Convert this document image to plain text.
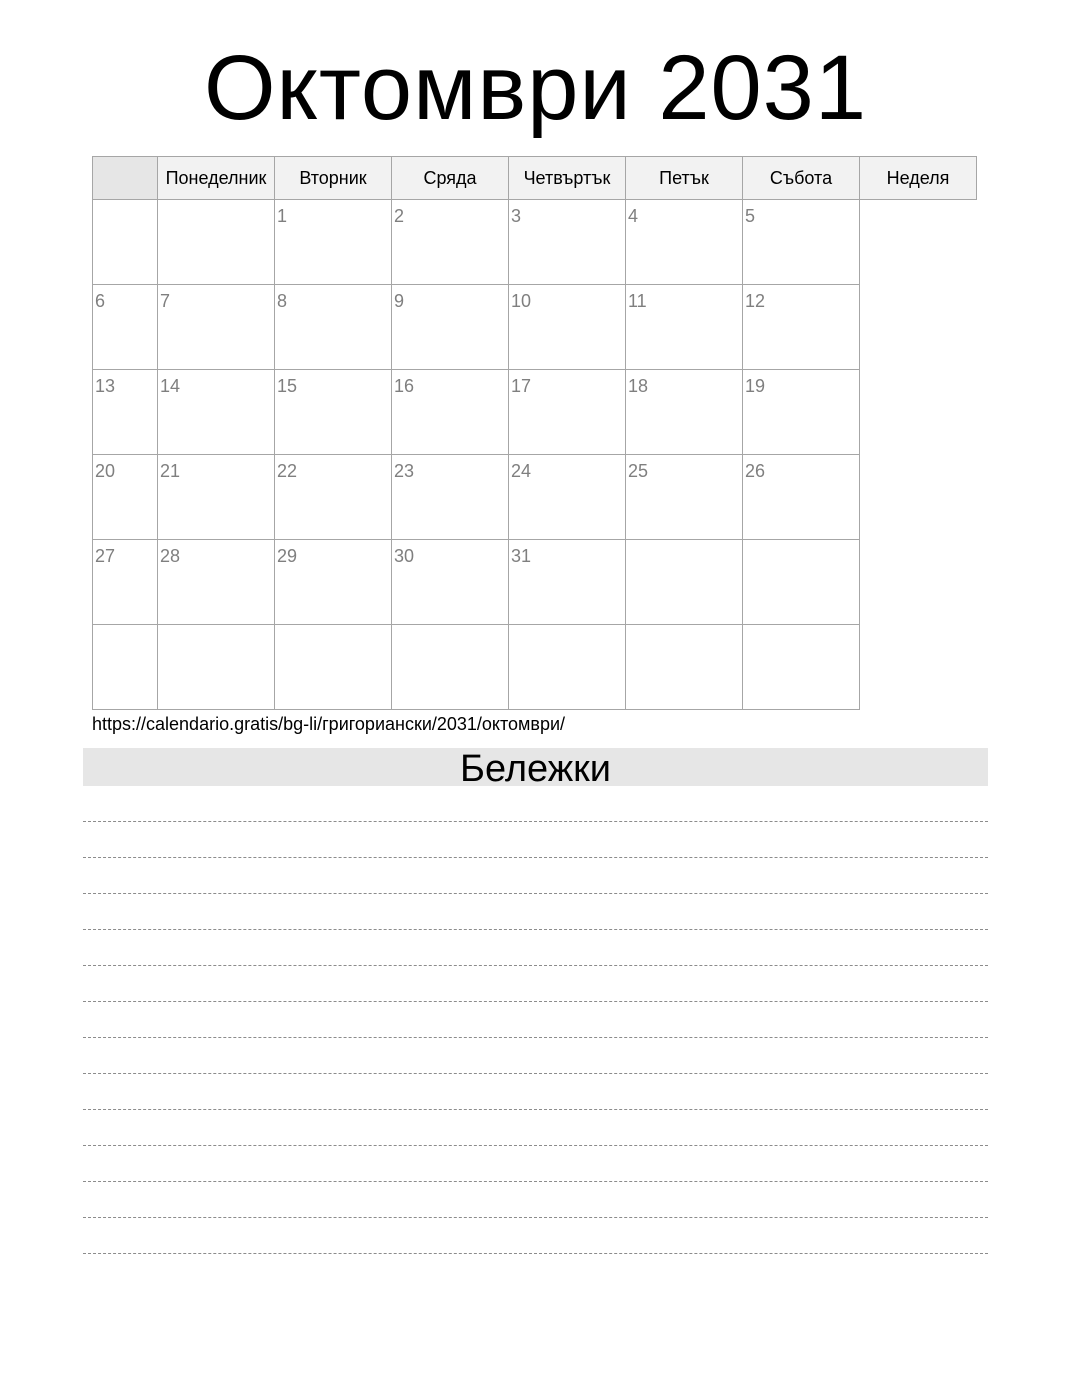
Октомври 2031
	Понеделник	Вторник	Сряда	Четвъртък	Петък	Събота	Неделя

		1	2	3	4	5	

6	7	8	9	10	11	12	

13	14	15	16	17	18	19	

20	21	22	23	24	25	26	

27	28	29	30	31			

https://calendario.gratis/bg-li/григориански/2031/октомври/
Бележки
